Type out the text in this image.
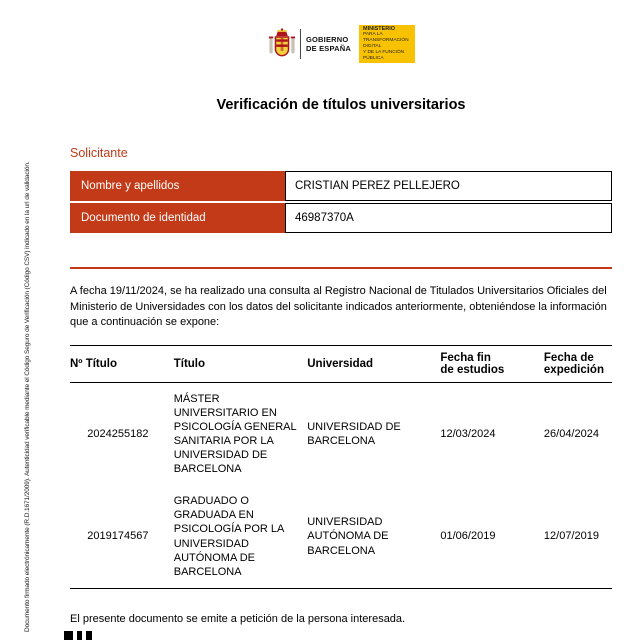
Documento firmado electrónicamente (R.D.1671/2009). Autenticidad verificable mediante el Código Seguro de Verificación (Código CSV) indicado en la url de validación.
GOBIERNO
DE ESPAÑA
MINISTERIO
PARA LA TRANSFORMACIÓN DIGITAL
Y DE LA FUNCIÓN PÚBLICA
Verificación de títulos universitarios
Solicitante
Nombre y apellidos	CRISTIAN PEREZ PELLEJERO
Documento de identidad	46987370A

A fecha 19/11/2024, se ha realizado una consulta al Registro Nacional de Titulados Universitarios Oficiales del Ministerio de Universidades con los datos del solicitante indicados anteriormente, obteniéndose la información que a continuación se expone:

Nº Título	Título	Universidad	Fecha fin de estudios	Fecha de expedición
2024255182	MÁSTER UNIVERSITARIO EN PSICOLOGÍA GENERAL SANITARIA POR LA UNIVERSIDAD DE BARCELONA	UNIVERSIDAD DE BARCELONA	12/03/2024	26/04/2024
2019174567	GRADUADO O GRADUADA EN PSICOLOGÍA POR LA UNIVERSIDAD AUTÓNOMA DE BARCELONA	UNIVERSIDAD AUTÓNOMA DE BARCELONA	01/06/2019	12/07/2019

El presente documento se emite a petición de la persona interesada.
